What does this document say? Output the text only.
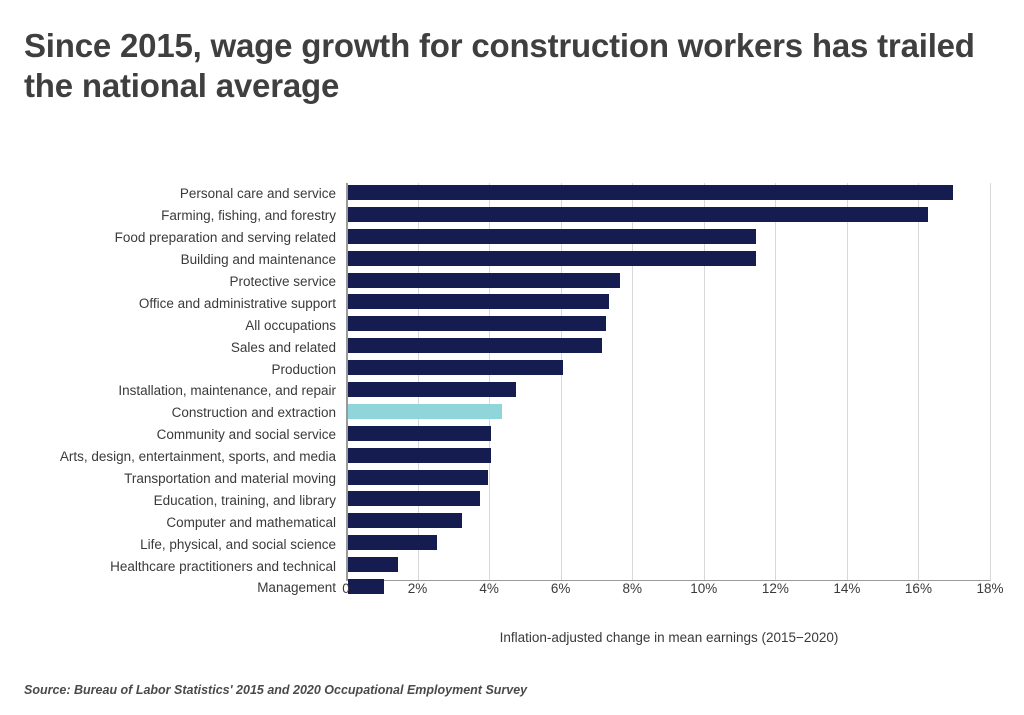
Since 2015, wage growth for construction workers has trailed the national average
Personal care and service
Farming, fishing, and forestry
Food preparation and serving related
Building and maintenance
Protective service
Office and administrative support
All occupations
Sales and related
Production
Installation, maintenance, and repair
Construction and extraction
Community and social service
Arts, design, entertainment, sports, and media
Transportation and material moving
Education, training, and library
Computer and mathematical
Life, physical, and social science
Healthcare practitioners and technical
Management 0	2%	4%	6%	8%	10%	12%	14%	16%	18%
Inflation-adjusted change in mean earnings (2015−2020)
Source: Bureau of Labor Statistics' 2015 and 2020 Occupational Employment Survey
